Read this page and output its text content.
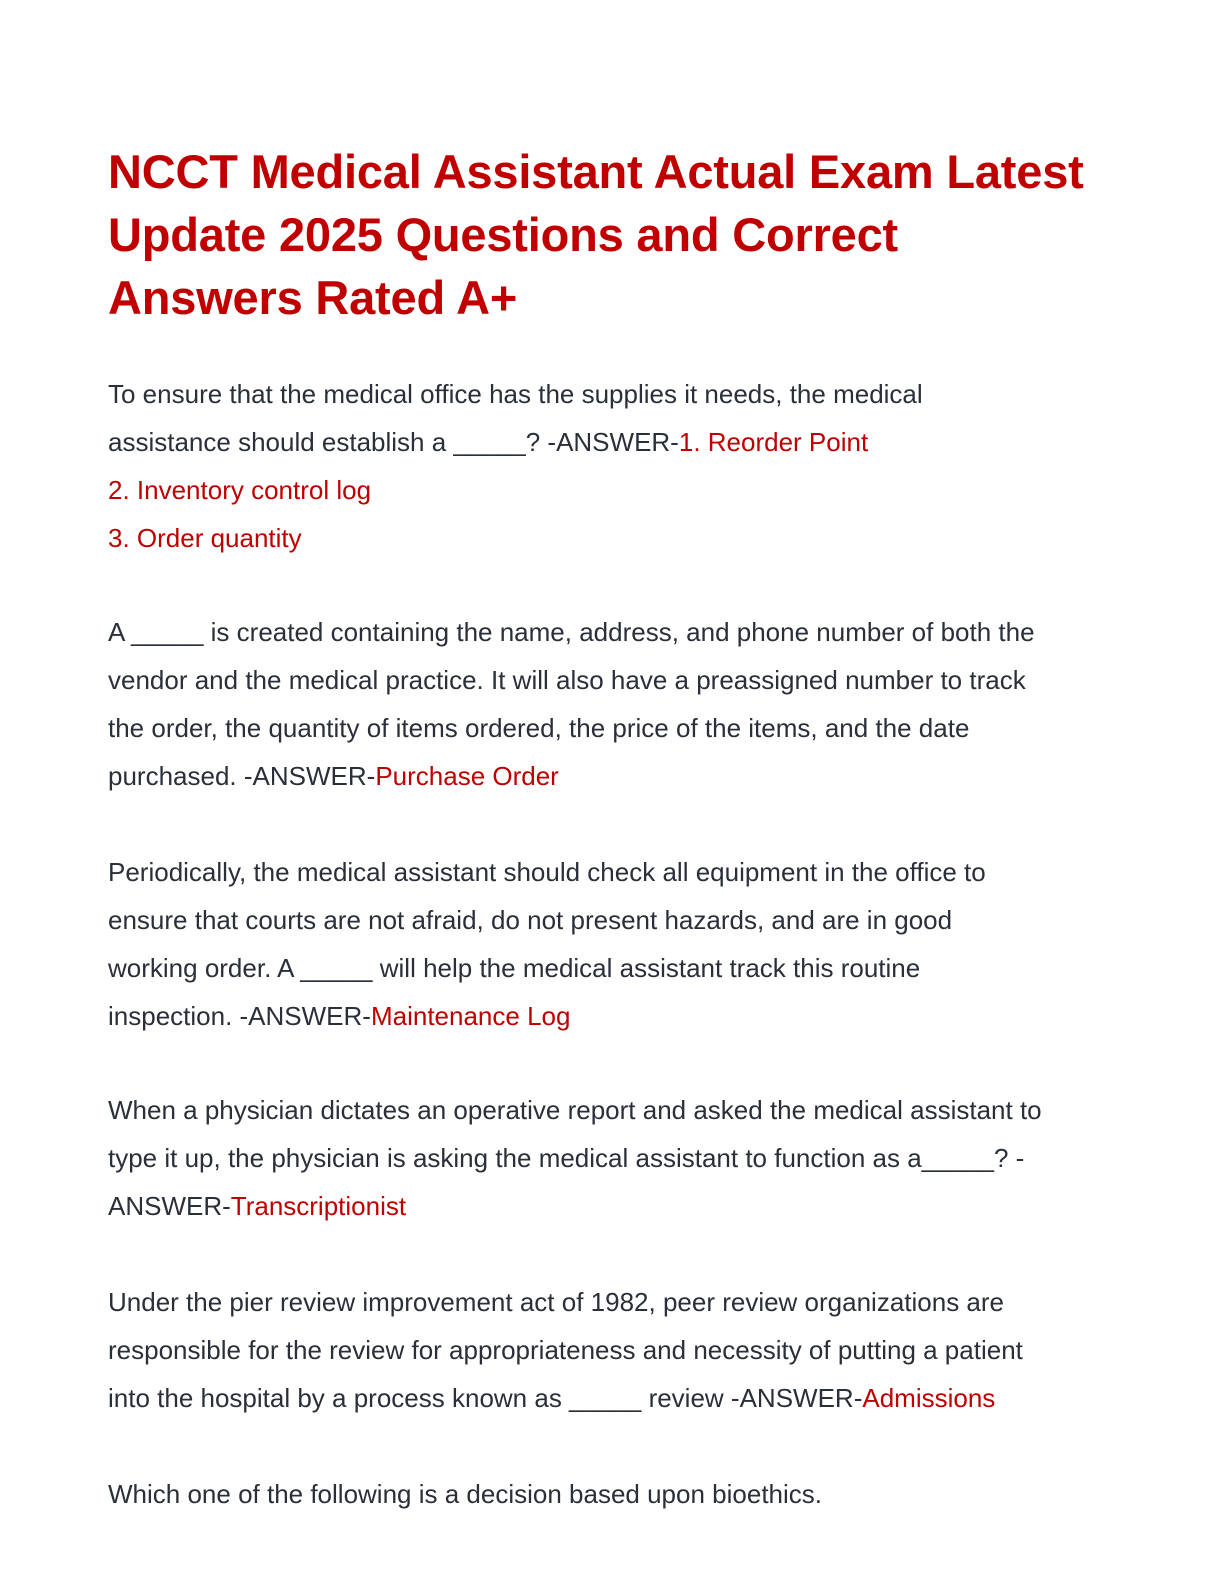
NCCT Medical Assistant Actual Exam Latest
Update 2025 Questions and Correct
Answers Rated A+

To ensure that the medical office has the supplies it needs, the medical
assistance should establish a _____? -ANSWER-1. Reorder Point
2. Inventory control log
3. Order quantity

A _____ is created containing the name, address, and phone number of both the
vendor and the medical practice. It will also have a preassigned number to track
the order, the quantity of items ordered, the price of the items, and the date
purchased. -ANSWER-Purchase Order

Periodically, the medical assistant should check all equipment in the office to
ensure that courts are not afraid, do not present hazards, and are in good
working order. A _____ will help the medical assistant track this routine
inspection. -ANSWER-Maintenance Log

When a physician dictates an operative report and asked the medical assistant to
type it up, the physician is asking the medical assistant to function as a_____? -
ANSWER-Transcriptionist

Under the pier review improvement act of 1982, peer review organizations are
responsible for the review for appropriateness and necessity of putting a patient
into the hospital by a process known as _____ review -ANSWER-Admissions

Which one of the following is a decision based upon bioethics.
